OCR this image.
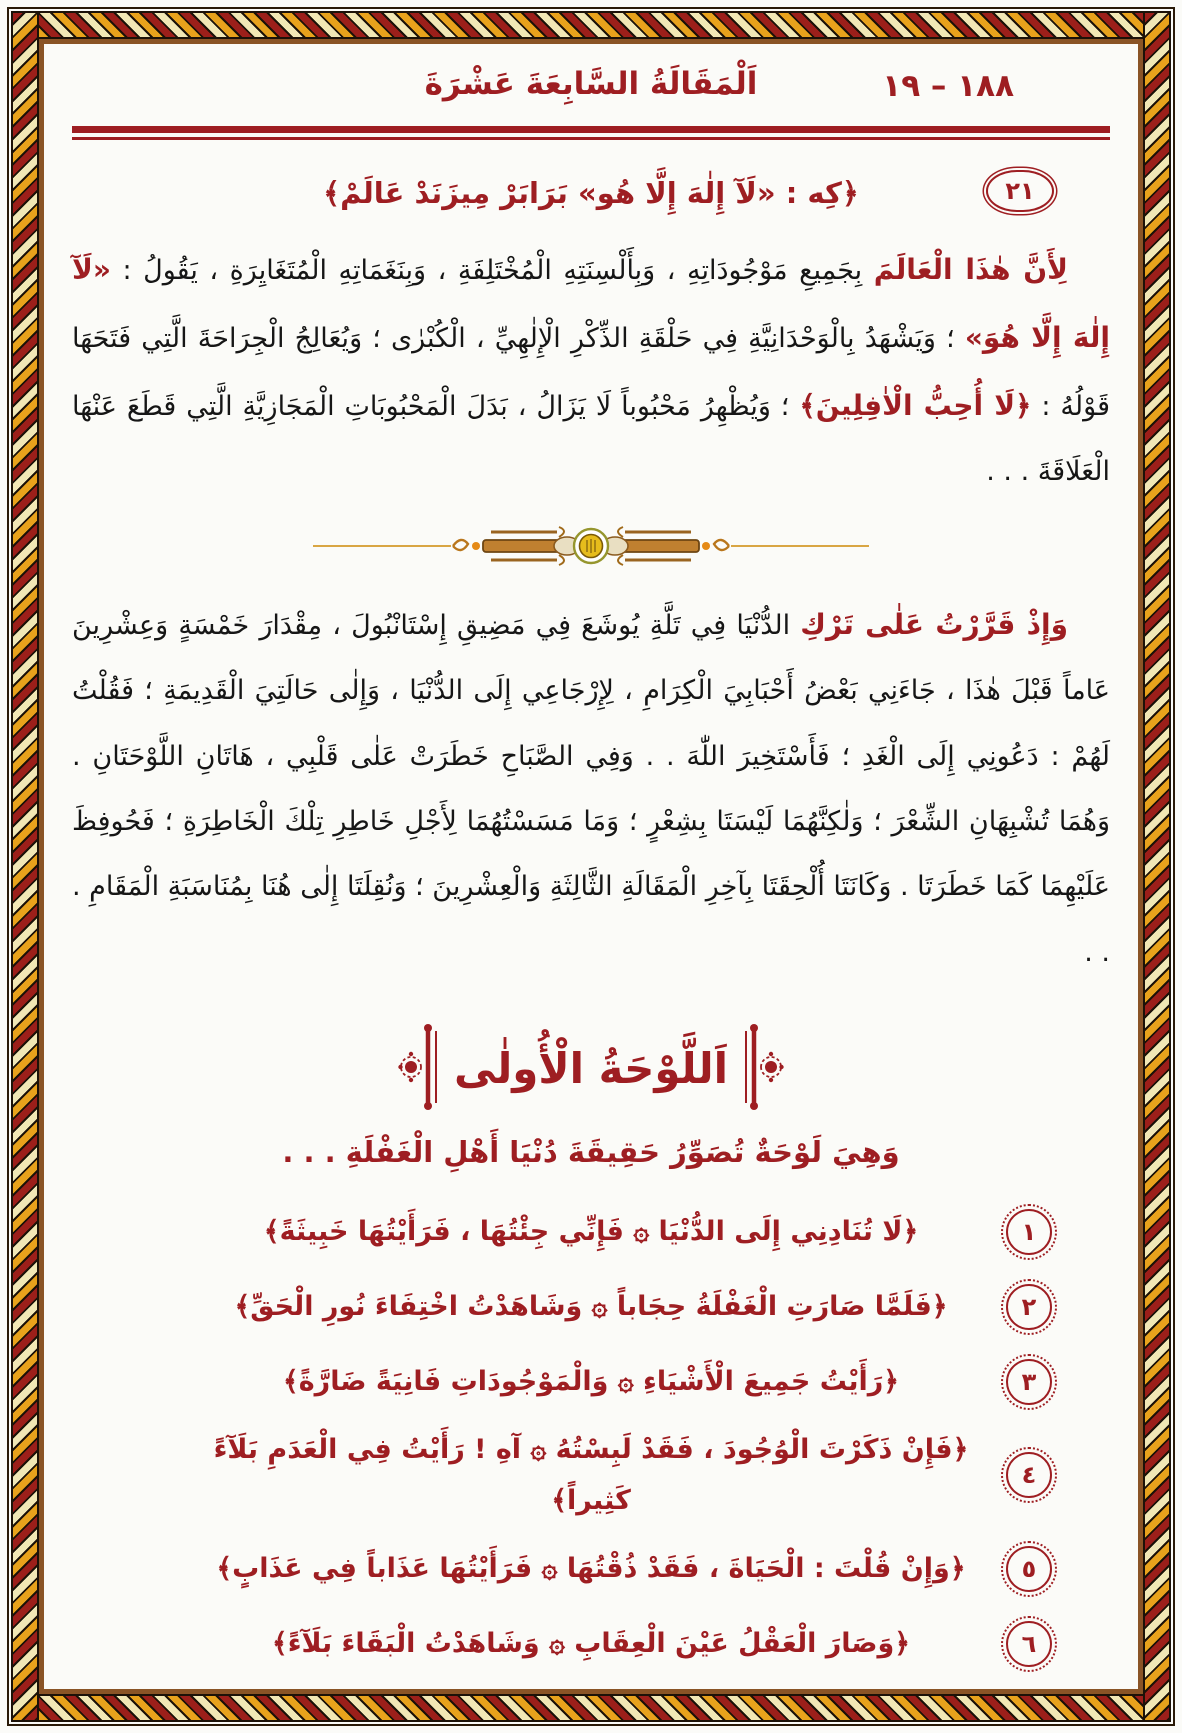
١٨٨ – ١٩
اَلْمَقَالَةُ السَّابِعَةَ عَشْرَةَ
٢١
﴿كِه : «لَآ إِلٰهَ إِلَّا هُو» بَرَابَرْ مِيزَنَدْ عَالَمْ﴾

لِأَنَّ هٰذَا الْعَالَمَ بِجَمِيعِ مَوْجُودَاتِهِ ، وَبِأَلْسِنَتِهِ الْمُخْتَلِفَةِ ، وَبِنَغَمَاتِهِ الْمُتَغَايِرَةِ ، يَقُولُ : «لَآ إِلٰهَ إِلَّا هُوَ» ؛ وَيَشْهَدُ بِالْوَحْدَانِيَّةِ فِي حَلْقَةِ الذِّكْرِ الْإِلٰهِيِّ ، الْكُبْرٰى ؛ وَيُعَالِجُ الْجِرَاحَةَ الَّتِي فَتَحَهَا قَوْلُهُ : ﴿لَا أُحِبُّ الْاٰفِلِينَ﴾ ؛ وَيُظْهِرُ مَحْبُوباً لَا يَزَالُ ، بَدَلَ الْمَحْبُوبَاتِ الْمَجَازِيَّةِ الَّتِي قَطَعَ عَنْهَا الْعَلَاقَةَ . . .

وَإِذْ قَرَّرْتُ عَلٰى تَرْكِ الدُّنْيَا فِي تَلَّةِ يُوشَعَ فِي مَضِيقِ إِسْتَانْبُولَ ، مِقْدَارَ خَمْسَةٍ وَعِشْرِينَ عَاماً قَبْلَ هٰذَا ، جَاءَنِي بَعْضُ أَحْبَابِيَ الْكِرَامِ ، لِإِرْجَاعِي إِلَى الدُّنْيَا ، وَإِلٰى حَالَتِيَ الْقَدِيمَةِ ؛ فَقُلْتُ لَهُمْ : دَعُونِي إِلَى الْغَدِ ؛ فَأَسْتَخِيرَ اللّٰهَ . . وَفِي الصَّبَاحِ خَطَرَتْ عَلٰى قَلْبِي ، هَاتَانِ اللَّوْحَتَانِ . وَهُمَا تُشْبِهَانِ الشِّعْرَ ؛ وَلٰكِنَّهُمَا لَيْسَتَا بِشِعْرٍ ؛ وَمَا مَسَسْتُهُمَا لِأَجْلِ خَاطِرِ تِلْكَ الْخَاطِرَةِ ؛ فَحُوفِظَ عَلَيْهِمَا كَمَا خَطَرَتَا . وَكَانَتَا أُلْحِقَتَا بِآخِرِ الْمَقَالَةِ الثَّالِثَةِ وَالْعِشْرِينَ ؛ وَنُقِلَتَا إِلٰى هُنَا بِمُنَاسَبَةِ الْمَقَامِ . . .

اَللَّوْحَةُ الْأُولٰى
وَهِيَ لَوْحَةٌ تُصَوِّرُ حَقِيقَةَ دُنْيَا أَهْلِ الْغَفْلَةِ . . .
﴿لَا تُنَادِنِي إِلَى الدُّنْيَا ۞ فَإِنِّي جِئْتُهَا ، فَرَأَيْتُهَا خَبِيثَةً﴾	١
﴿فَلَمَّا صَارَتِ الْغَفْلَةُ حِجَاباً ۞ وَشَاهَدْتُ اخْتِفَاءَ نُورِ الْحَقِّ﴾	٢
﴿رَأَيْتُ جَمِيعَ الْأَشْيَاءِ ۞ وَالْمَوْجُودَاتِ فَانِيَةً ضَارَّةً﴾	٣
﴿فَإِنْ ذَكَرْتَ الْوُجُودَ ، فَقَدْ لَبِسْتُهُ ۞ آهِ ! رَأَيْتُ فِي الْعَدَمِ بَلَآءً كَثِيراً﴾
٤
﴿وَإِنْ قُلْتَ : الْحَيَاةَ ، فَقَدْ ذُقْتُهَا ۞ فَرَأَيْتُهَا عَذَاباً فِي عَذَابٍ﴾	٥
﴿وَصَارَ الْعَقْلُ عَيْنَ الْعِقَابِ ۞ وَشَاهَدْتُ الْبَقَاءَ بَلَآءً﴾	٦
